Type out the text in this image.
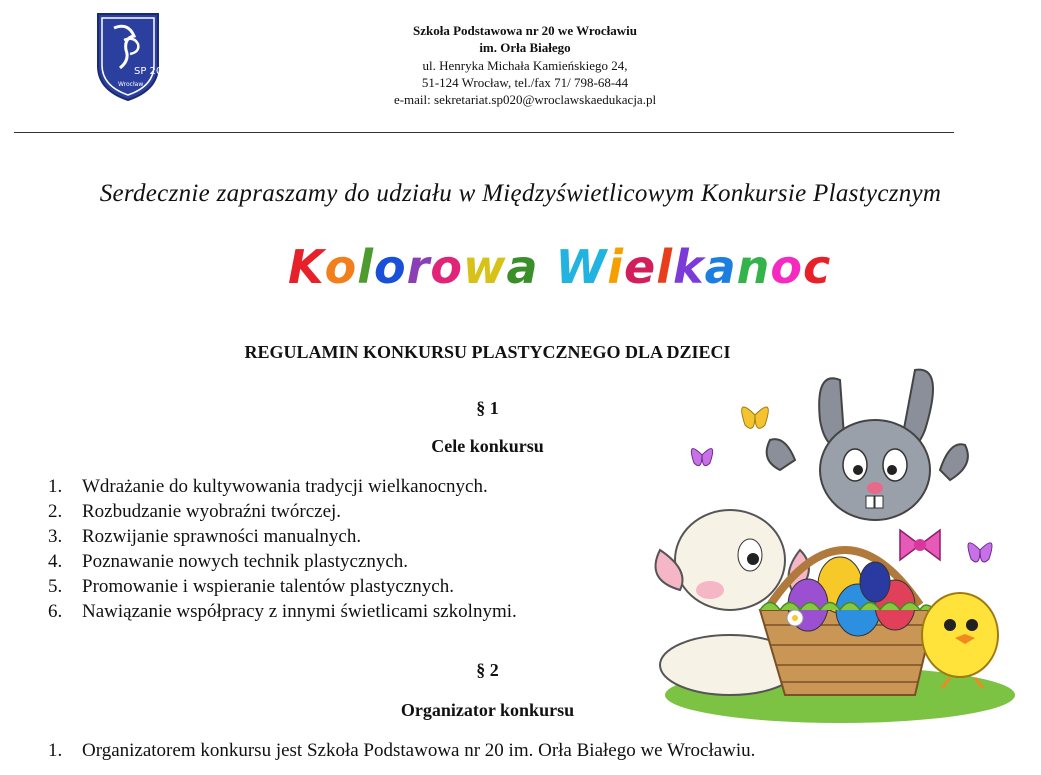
SP 20
Wrocław
Szkoła Podstawowa nr 20 we Wrocławiu
im. Orła Białego
ul. Henryka Michała Kamieńskiego 24,
51-124 Wrocław, tel./fax 71/ 798-68-44
e-mail: sekretariat.sp020@wroclawskaedukacja.pl
Serdecznie zapraszamy do udziału w Międzyświetlicowym Konkursie Plastycznym
Kolorowa Wielkanoc
REGULAMIN KONKURSU PLASTYCZNEGO DLA DZIECI
§ 1
Cele konkursu
1. Wdrażanie do kultywowania tradycji wielkanocnych.
2. Rozbudzanie wyobraźni twórczej.
3. Rozwijanie sprawności manualnych.
4. Poznawanie nowych technik plastycznych.
5. Promowanie i wspieranie talentów plastycznych.
6. Nawiązanie współpracy z innymi świetlicami szkolnymi.
§ 2
Organizator konkursu
1. Organizatorem konkursu jest Szkoła Podstawowa nr 20 im. Orła Białego we Wrocławiu.
